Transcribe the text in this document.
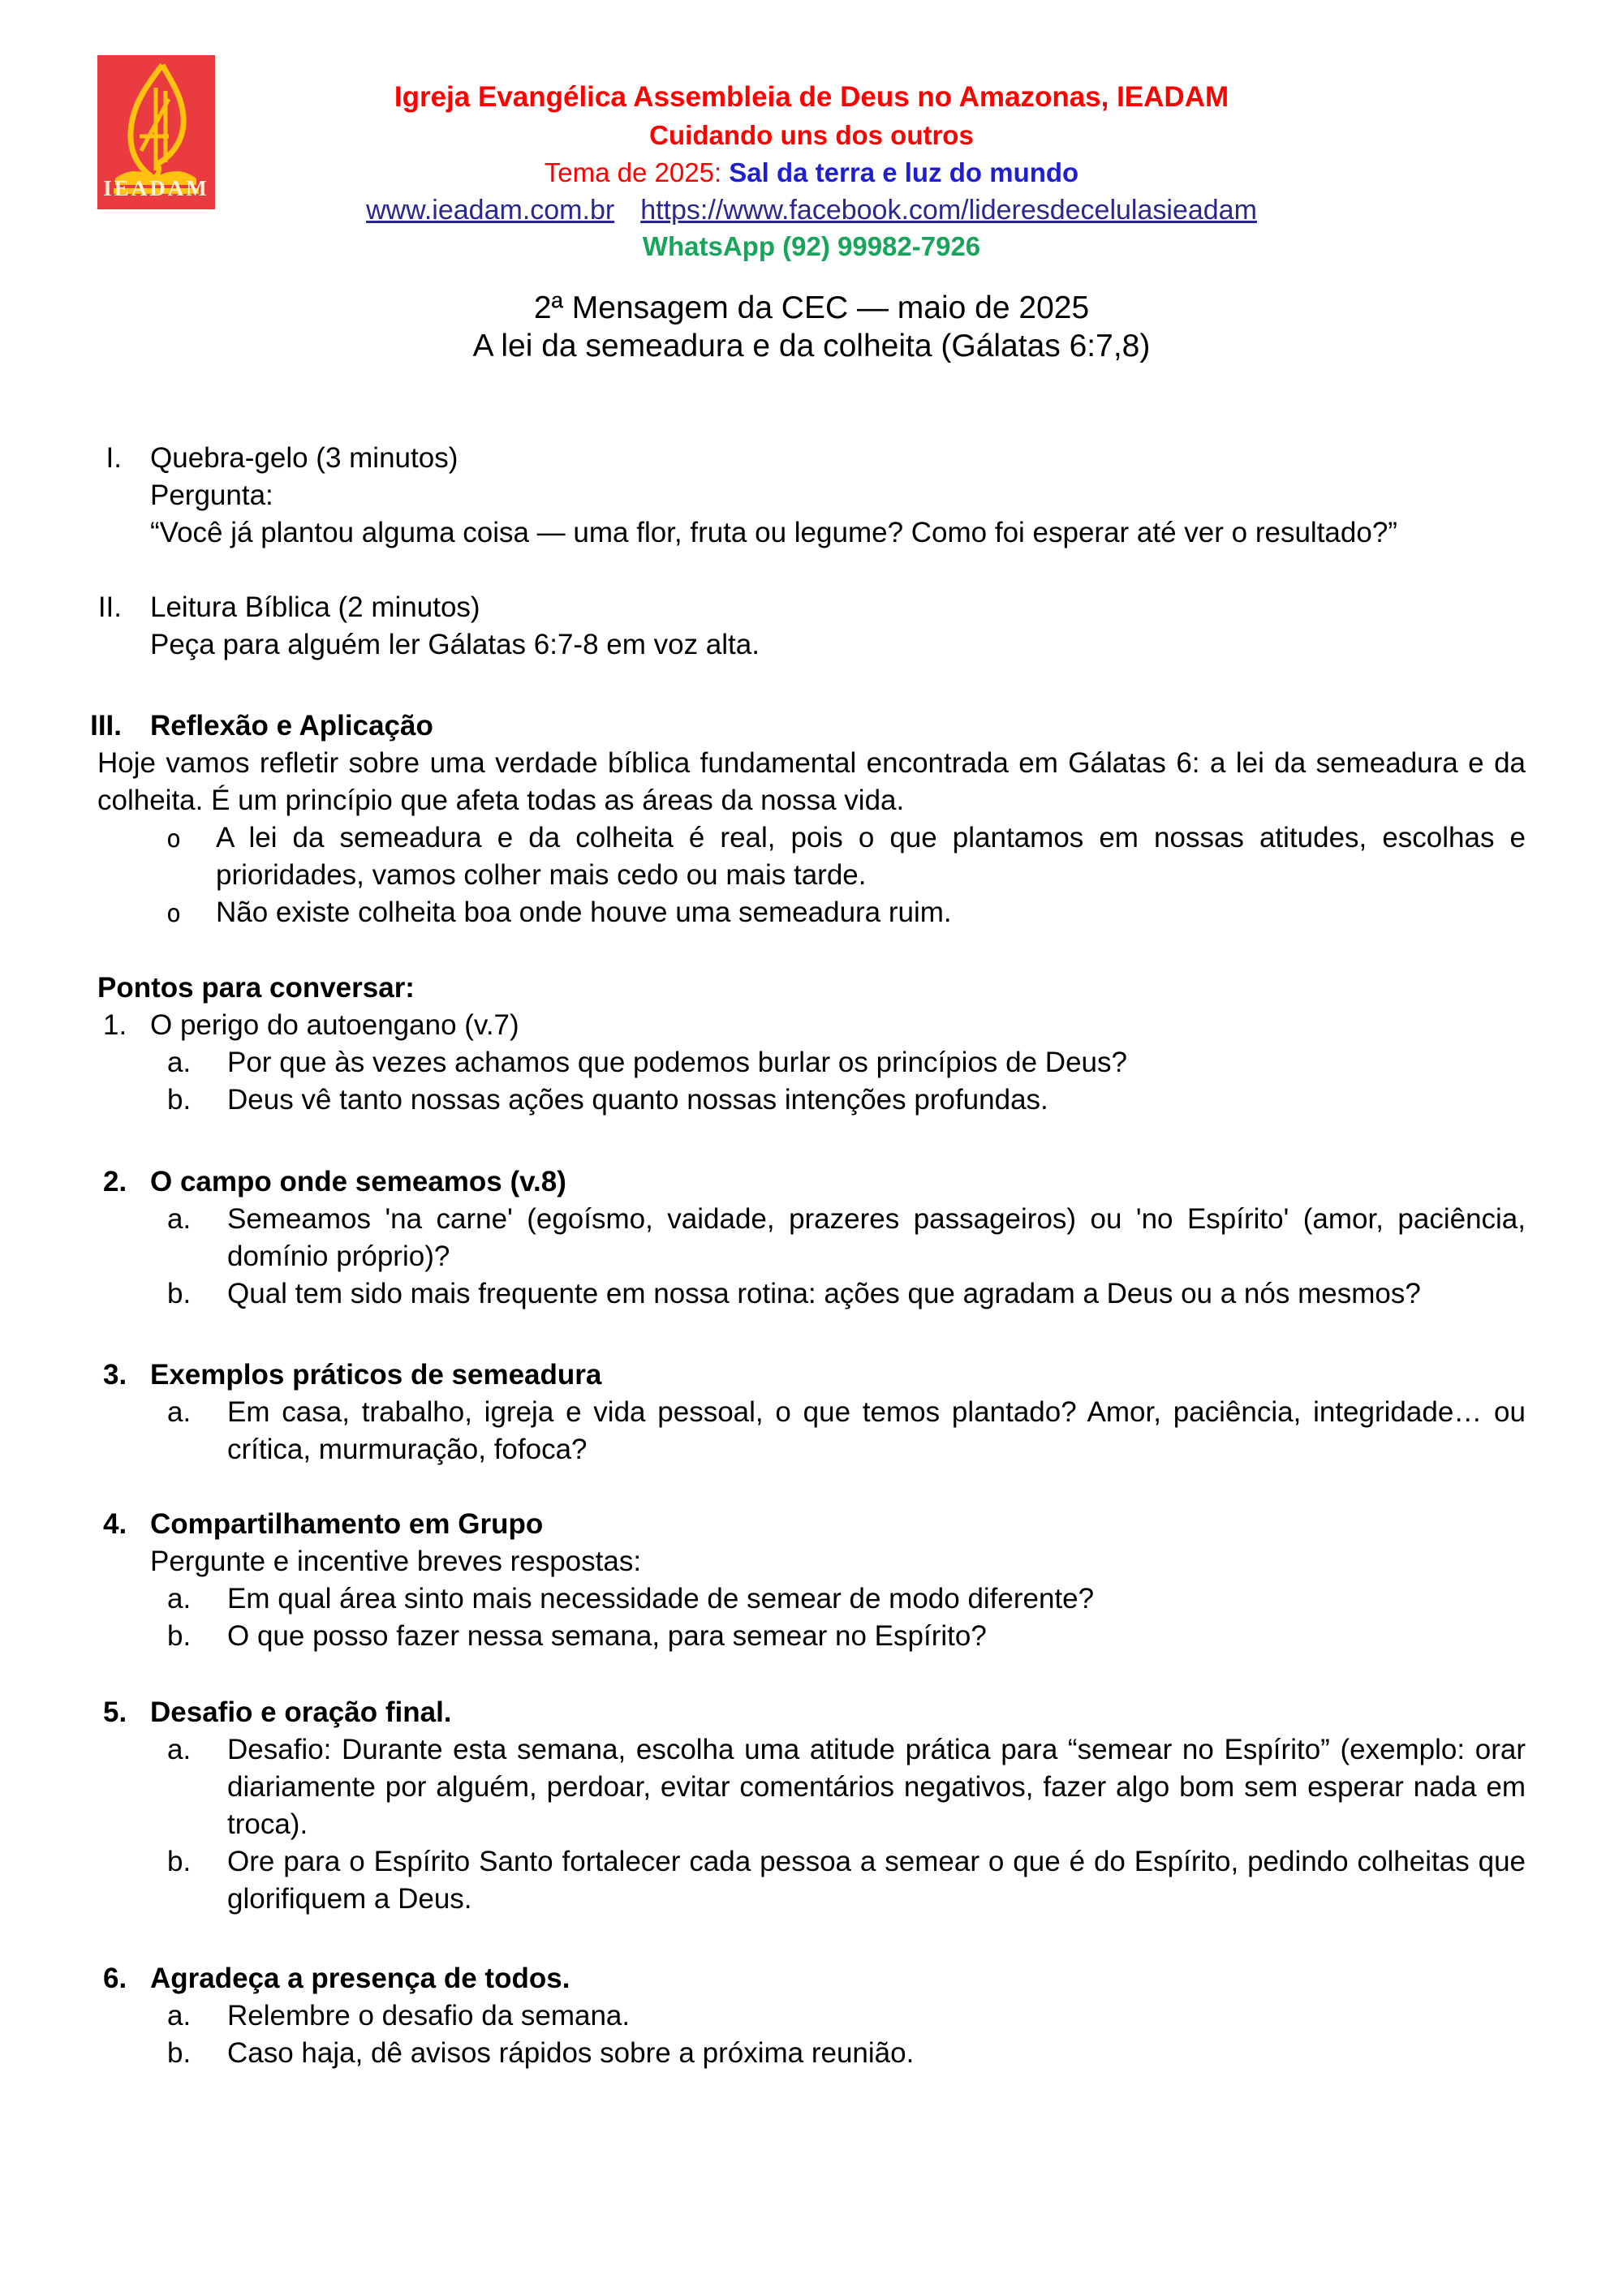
IEADAM
Igreja Evangélica Assembleia de Deus no Amazonas, IEADAM
Cuidando uns dos outros
Tema de 2025: Sal da terra e luz do mundo
www.ieadam.com.br https://www.facebook.com/lideresdecelulasieadam
WhatsApp (92) 99982-7926
2ª Mensagem da CEC — maio de 2025
A lei da semeadura e da colheita (Gálatas 6:7,8)
I. Quebra-gelo (3 minutos)
Pergunta:
“Você já plantou alguma coisa — uma flor, fruta ou legume? Como foi esperar até ver o resultado?”
II. Leitura Bíblica (2 minutos)
Peça para alguém ler Gálatas 6:7-8 em voz alta.
III. Reflexão e Aplicação
Hoje vamos refletir sobre uma verdade bíblica fundamental encontrada em Gálatas 6: a lei da semeadura e da colheita. É um princípio que afeta todas as áreas da nossa vida.
o A lei da semeadura e da colheita é real, pois o que plantamos em nossas atitudes, escolhas e prioridades, vamos colher mais cedo ou mais tarde.
o Não existe colheita boa onde houve uma semeadura ruim.
Pontos para conversar:
1. O perigo do autoengano (v.7)
a. Por que às vezes achamos que podemos burlar os princípios de Deus?
b. Deus vê tanto nossas ações quanto nossas intenções profundas.
2. O campo onde semeamos (v.8)
a. Semeamos 'na carne' (egoísmo, vaidade, prazeres passageiros) ou 'no Espírito' (amor, paciência, domínio próprio)?
b. Qual tem sido mais frequente em nossa rotina: ações que agradam a Deus ou a nós mesmos?
3. Exemplos práticos de semeadura
a. Em casa, trabalho, igreja e vida pessoal, o que temos plantado? Amor, paciência, integridade… ou crítica, murmuração, fofoca?
4. Compartilhamento em Grupo
Pergunte e incentive breves respostas:
a. Em qual área sinto mais necessidade de semear de modo diferente?
b. O que posso fazer nessa semana, para semear no Espírito?
5. Desafio e oração final.
a. Desafio: Durante esta semana, escolha uma atitude prática para “semear no Espírito” (exemplo: orar diariamente por alguém, perdoar, evitar comentários negativos, fazer algo bom sem esperar nada em troca).
b. Ore para o Espírito Santo fortalecer cada pessoa a semear o que é do Espírito, pedindo colheitas que glorifiquem a Deus.
6. Agradeça a presença de todos.
a. Relembre o desafio da semana.
b. Caso haja, dê avisos rápidos sobre a próxima reunião.
